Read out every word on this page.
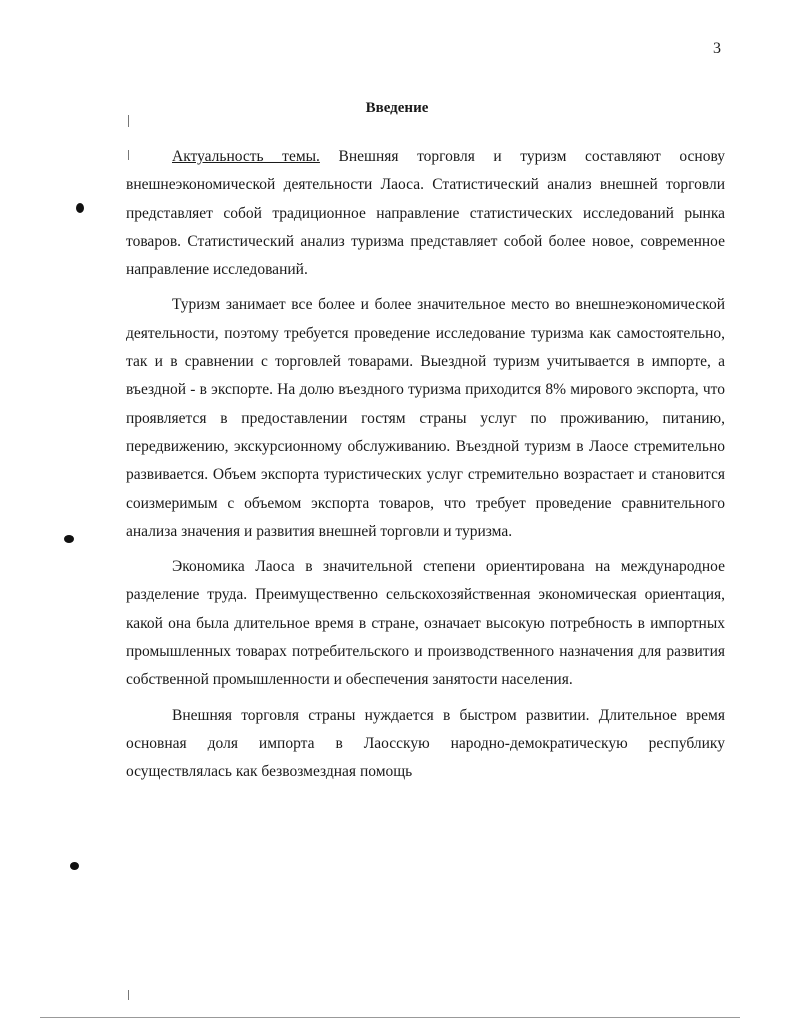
3
Введение

Актуальность темы. Внешняя торговля и туризм составляют основу внешнеэкономической деятельности Лаоса. Статистический анализ внешней торговли представляет собой традиционное направление статистических исследований рынка товаров. Статистический анализ туризма представляет собой более новое, современное направление исследований.

Туризм занимает все более и более значительное место во внешнеэкономической деятельности, поэтому требуется проведение исследование туризма как самостоятельно, так и в сравнении с торговлей товарами. Выездной туризм учитывается в импорте, а въездной - в экспорте. На долю въездного туризма приходится 8% мирового экспорта, что проявляется в предоставлении гостям страны услуг по проживанию, питанию, передвижению, экскурсионному обслуживанию. Въездной туризм в Лаосе стремительно развивается. Объем экспорта туристических услуг стремительно возрастает и становится соизмеримым с объемом экспорта товаров, что требует проведение сравнительного анализа значения и развития внешней торговли и туризма.

Экономика Лаоса в значительной степени ориентирована на международное разделение труда. Преимущественно сельскохозяйственная экономическая ориентация, какой она была длительное время в стране, означает высокую потребность в импортных промышленных товарах потребительского и производственного назначения для развития собственной промышленности и обеспечения занятости населения.

Внешняя торговля страны нуждается в быстром развитии. Длительное время основная доля импорта в Лаосскую народно-демократическую республику осуществлялась как безвозмездная помощь
